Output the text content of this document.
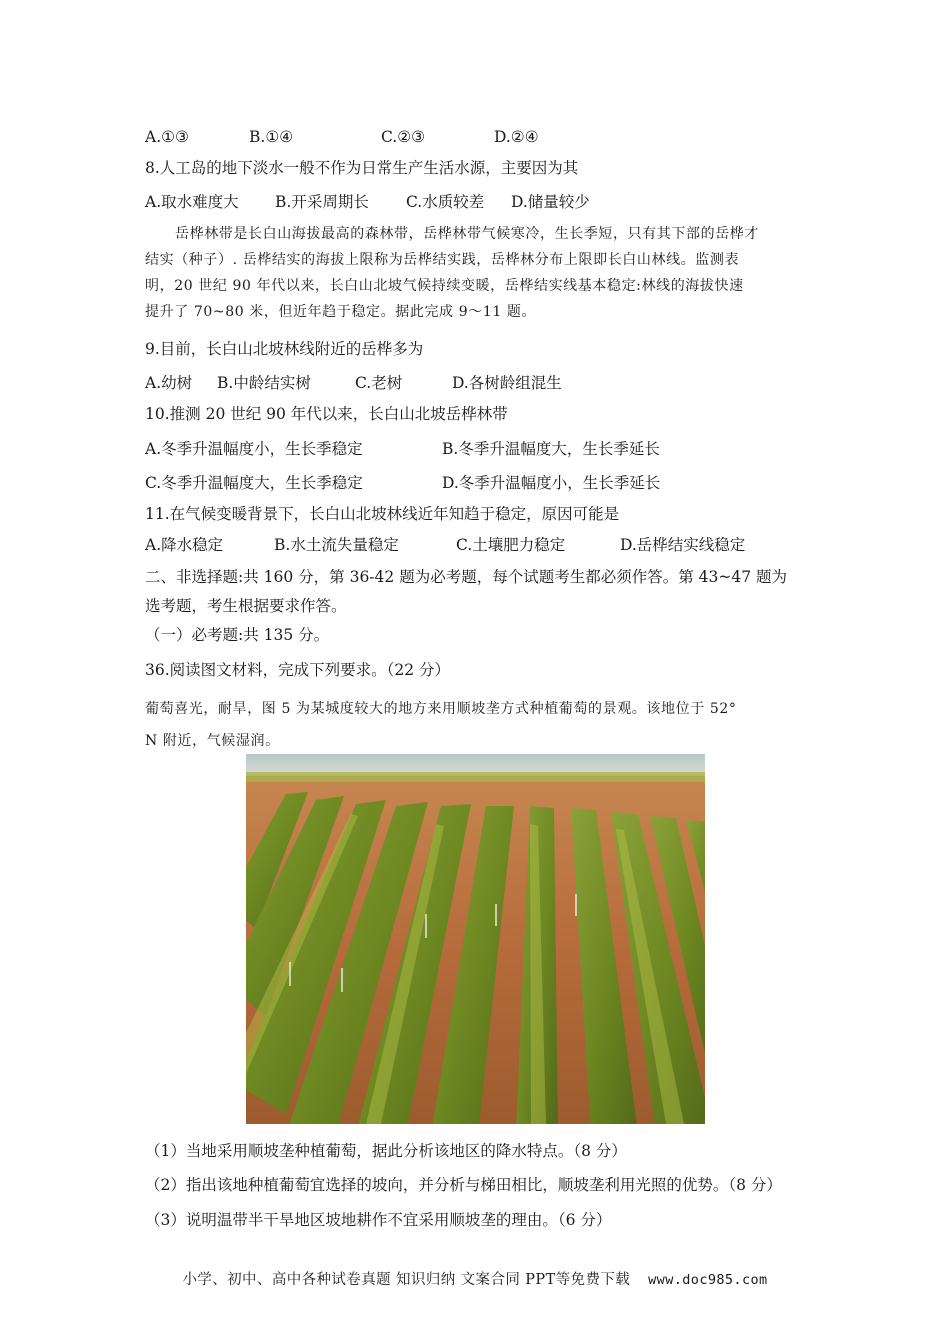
A.①③	B.①④	C.②③	D.②④
8.人工岛的地下淡水一般不作为日常生产生活水源，主要因为其
A.取水难度大 B.开采周期长 C.水质较差 D.储量较少
岳桦林带是长白山海拔最高的森林带，岳桦林带气候寒冷，生长季短，只有其下部的岳桦才
结实（种子）. 岳桦结实的海拔上限称为岳桦结实践，岳桦林分布上限即长白山林线。监测表
明，20 世纪 90 年代以来，长白山北坡气候持续变暖，岳桦结实线基本稳定:林线的海拔快速
提升了 70~80 米，但近年趋于稳定。据此完成 9～11 题。
9.目前，长白山北坡林线附近的岳桦多为
A.幼树 B.中龄结实树	C.老树	D.各树龄组混生
10.推测 20 世纪 90 年代以来，长白山北坡岳桦林带
A.冬季升温幅度小，生长季稳定	B.冬季升温幅度大，生长季延长
C.冬季升温幅度大，生长季稳定	D.冬季升温幅度小，生长季延长
11.在气候变暖背景下，长白山北坡林线近年知趋于稳定，原因可能是
A.降水稳定	B.水土流失量稳定	C.土壤肥力稳定	D.岳桦结实线稳定
二、非选择题:共 160 分，第 36-42 题为必考题，每个试题考生都必须作答。第 43~47 题为
选考题，考生根据要求作答。
（一）必考题:共 135 分。
36.阅读图文材料，完成下列要求。（22 分）
葡萄喜光，耐旱，图 5 为某城度较大的地方来用顺坡垄方式种植葡萄的景观。该地位于 52°
N 附近，气候湿润。
（1）当地采用顺坡垄种植葡萄，据此分析该地区的降水特点。（8 分）
（2）指出该地种植葡萄宜选择的坡向，并分析与梯田相比，顺坡垄利用光照的优势。（8 分）
（3）说明温带半干旱地区坡地耕作不宜采用顺坡垄的理由。（6 分）
小学、初中、高中各种试卷真题 知识归纳 文案合同 PPT等免费下载 www.doc985.com
